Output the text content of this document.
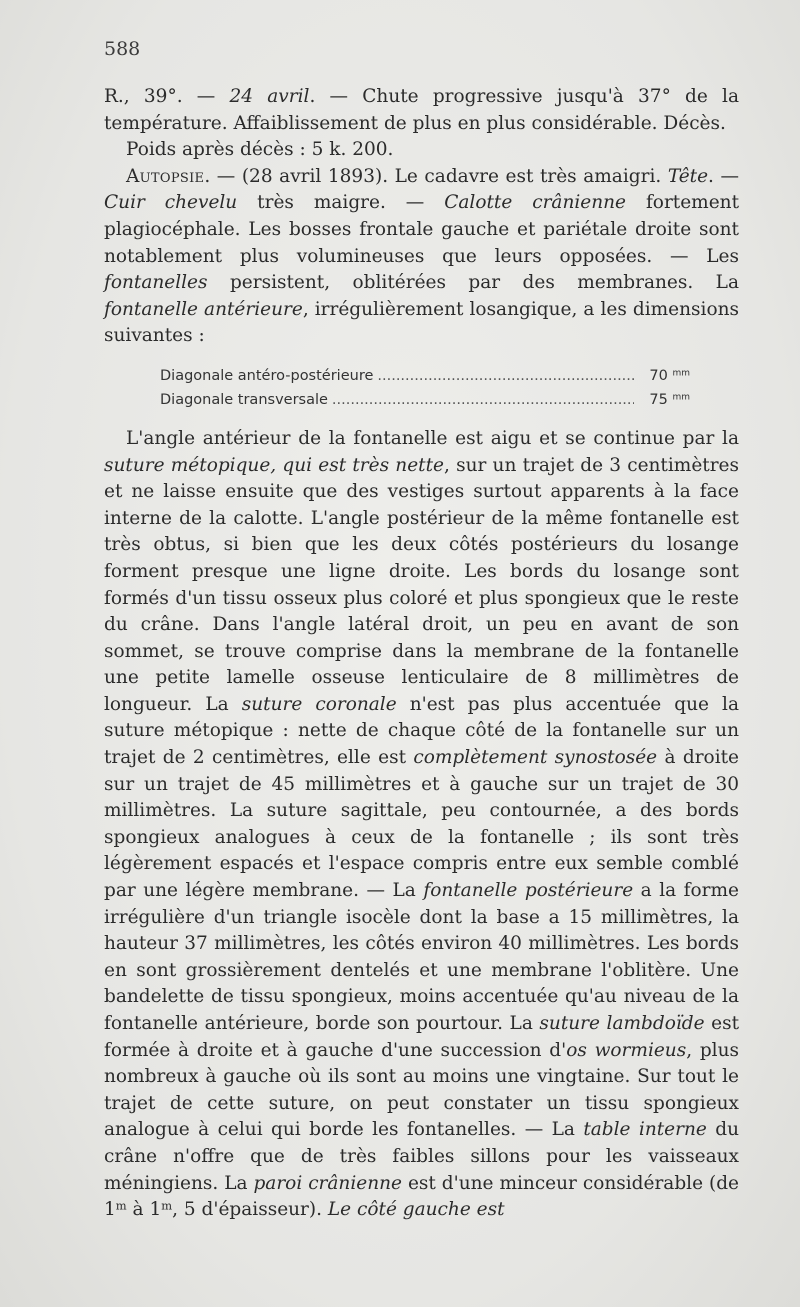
588

R., 39°. — 24 avril. — Chute progressive jusqu'à 37° de la température. Affaiblissement de plus en plus considérable. Décès.

Poids après décès : 5 k. 200.

Autopsie. — (28 avril 1893). Le cadavre est très amaigri. Tête. — Cuir chevelu très maigre. — Calotte crânienne fortement plagiocéphale. Les bosses frontale gauche et pariétale droite sont notablement plus volumineuses que leurs opposées. — Les fontanelles persistent, oblitérées par des membranes. La fontanelle antérieure, irrégulièrement losangique, a les dimensions suivantes :

Diagonale antéro-postérieure .....	70 $^{mm}$
Diagonale transversale .....	75 $^{mm}$

L'angle antérieur de la fontanelle est aigu et se continue par la suture métopique, qui est très nette, sur un trajet de 3 centimètres et ne laisse ensuite que des vestiges surtout apparents à la face interne de la calotte. L'angle postérieur de la même fontanelle est très obtus, si bien que les deux côtés postérieurs du losange forment presque une ligne droite. Les bords du losange sont formés d'un tissu osseux plus coloré et plus spongieux que le reste du crâne. Dans l'angle latéral droit, un peu en avant de son sommet, se trouve comprise dans la membrane de la fontanelle une petite lamelle osseuse lenticulaire de 8 millimètres de longueur. La suture coronale n'est pas plus accentuée que la suture métopique : nette de chaque côté de la fontanelle sur un trajet de 2 centimètres, elle est complètement synostosée à droite sur un trajet de 45 millimètres et à gauche sur un trajet de 30 millimètres. La suture sagittale, peu contournée, a des bords spongieux analogues à ceux de la fontanelle ; ils sont très légèrement espacés et l'espace compris entre eux semble comblé par une légère membrane. — La fontanelle postérieure a la forme irrégulière d'un triangle isocèle dont la base a 15 millimètres, la hauteur 37 millimètres, les côtés environ 40 millimètres. Les bords en sont grossièrement dentelés et une membrane l'oblitère. Une bandelette de tissu spongieux, moins accentuée qu'au niveau de la fontanelle antérieure, borde son pourtour. La suture lambdoïde est formée à droite et à gauche d'une succession d'os wormieus, plus nombreux à gauche où ils sont au moins une vingtaine. Sur tout le trajet de cette suture, on peut constater un tissu spongieux analogue à celui qui borde les fontanelles. — La table interne du crâne n'offre que de très faibles sillons pour les vaisseaux méningiens. La paroi crânienne est d'une minceur considérable (de 1$^m$ à 1$^m$, 5 d'épaisseur). Le côté gauche est
